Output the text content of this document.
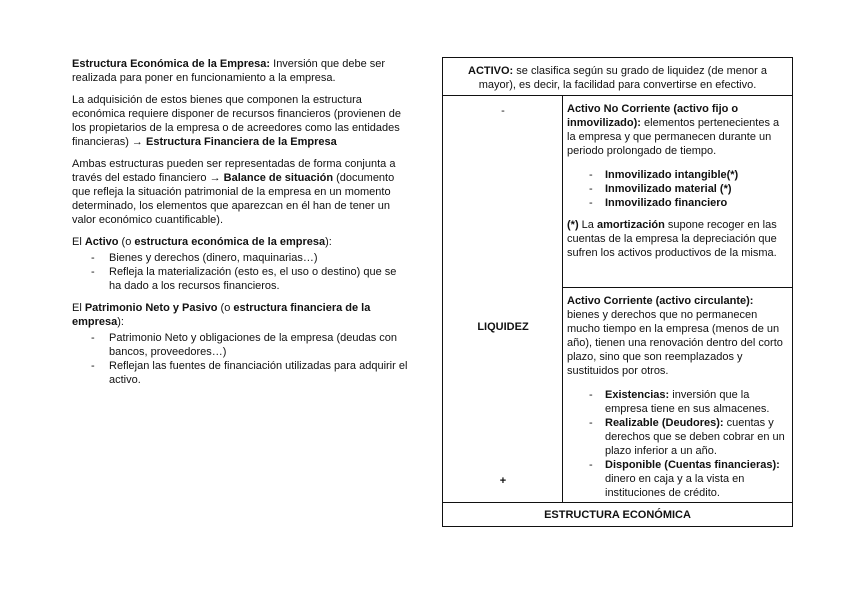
Estructura Económica de la Empresa: Inversión que debe ser realizada para poner en funcionamiento a la empresa.

La adquisición de estos bienes que componen la estructura económica requiere disponer de recursos financieros (provienen de los propietarios de la empresa o de acreedores como las entidades financieras) → Estructura Financiera de la Empresa

Ambas estructuras pueden ser representadas de forma conjunta a través del estado financiero → Balance de situación (documento que refleja la situación patrimonial de la empresa en un momento determinado, los elementos que aparezcan en él han de tener un valor económico cuantificable).

El Activo (o estructura económica de la empresa):

- Bienes y derechos (dinero, maquinarias…)
- Refleja la materialización (esto es, el uso o destino) que se ha dado a los recursos financieros.

El Patrimonio Neto y Pasivo (o estructura financiera de la empresa):

- Patrimonio Neto y obligaciones de la empresa (deudas con bancos, proveedores…)
- Reflejan las fuentes de financiación utilizadas para adquirir el activo.
ACTIVO: se clasifica según su grado de liquidez (de menor a mayor), es decir, la facilidad para convertirse en efectivo.
-
LIQUIDEZ
+

Activo No Corriente (activo fijo o inmovilizado): elementos pertenecientes a la empresa y que permanecen durante un periodo prolongado de tiempo.

- Inmovilizado intangible(*)
- Inmovilizado material (*)
- Inmovilizado financiero

(*) La amortización supone recoger en las cuentas de la empresa la depreciación que sufren los activos productivos de la misma.

Activo Corriente (activo circulante): bienes y derechos que no permanecen mucho tiempo en la empresa (menos de un año), tienen una renovación dentro del corto plazo, sino que son reemplazados y sustituidos por otros.

- Existencias: inversión que la empresa tiene en sus almacenes.
- Realizable (Deudores): cuentas y derechos que se deben cobrar en un plazo inferior a un año.
- Disponible (Cuentas financieras): dinero en caja y a la vista en instituciones de crédito.
ESTRUCTURA ECONÓMICA
